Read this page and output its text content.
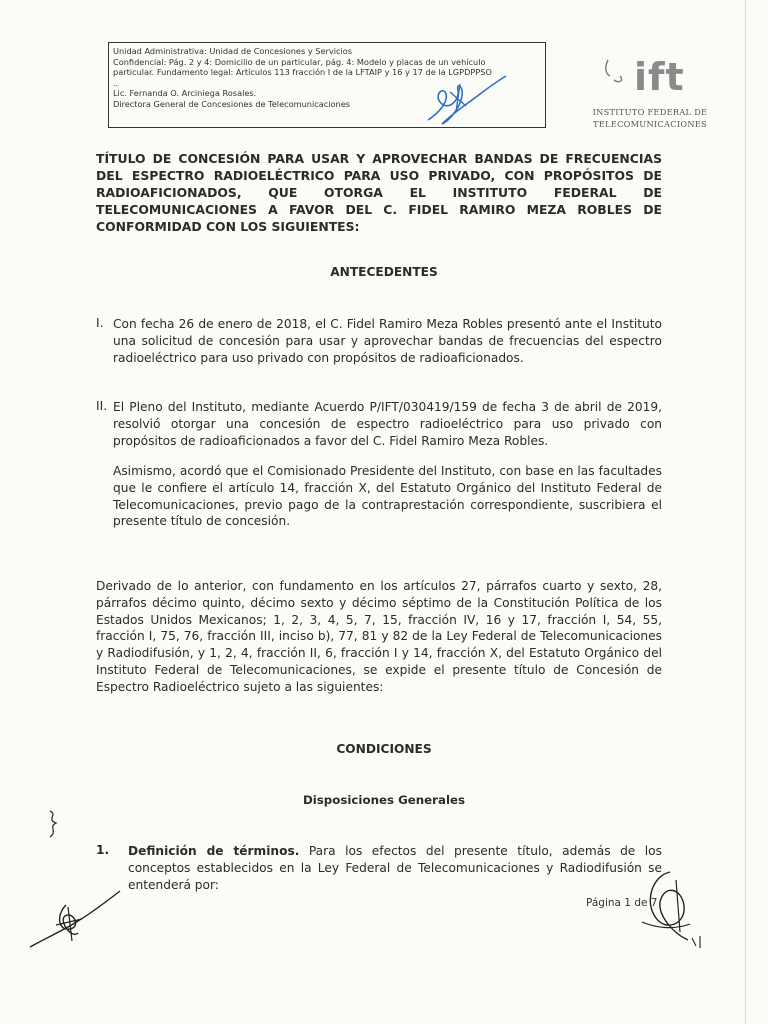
Unidad Administrativa: Unidad de Concesiones y Servicios
Confidencial: Pág. 2 y 4: Domicilio de un particular, pág. 4: Modelo y placas de un vehículo
particular. Fundamento legal: Artículos 113 fracción I de la LFTAIP y 16 y 17 de la LGPDPPSO
..
Lic. Fernanda O. Arciniega Rosales.
Directora General de Concesiones de Telecomunicaciones
ift
INSTITUTO FEDERAL DE
TELECOMUNICACIONES
TÍTULO DE CONCESIÓN PARA USAR Y APROVECHAR BANDAS DE FRECUENCIAS DEL ESPECTRO RADIOELÉCTRICO PARA USO PRIVADO, CON PROPÓSITOS DE RADIOAFICIONADOS, QUE OTORGA EL INSTITUTO FEDERAL DE TELECOMUNICACIONES A FAVOR DEL C. FIDEL RAMIRO MEZA ROBLES DE CONFORMIDAD CON LOS SIGUIENTES:
ANTECEDENTES
I. Con fecha 26 de enero de 2018, el C. Fidel Ramiro Meza Robles presentó ante el Instituto una solicitud de concesión para usar y aprovechar bandas de frecuencias del espectro radioeléctrico para uso privado con propósitos de radioaficionados.
II. El Pleno del Instituto, mediante Acuerdo P/IFT/030419/159 de fecha 3 de abril de 2019, resolvió otorgar una concesión de espectro radioeléctrico para uso privado con propósitos de radioaficionados a favor del C. Fidel Ramiro Meza Robles.
Asimismo, acordó que el Comisionado Presidente del Instituto, con base en las facultades que le confiere el artículo 14, fracción X, del Estatuto Orgánico del Instituto Federal de Telecomunicaciones, previo pago de la contraprestación correspondiente, suscribiera el presente título de concesión.
Derivado de lo anterior, con fundamento en los artículos 27, párrafos cuarto y sexto, 28, párrafos décimo quinto, décimo sexto y décimo séptimo de la Constitución Política de los Estados Unidos Mexicanos; 1, 2, 3, 4, 5, 7, 15, fracción IV, 16 y 17, fracción I, 54, 55, fracción I, 75, 76, fracción III, inciso b), 77, 81 y 82 de la Ley Federal de Telecomunicaciones y Radiodifusión, y 1, 2, 4, fracción II, 6, fracción I y 14, fracción X, del Estatuto Orgánico del Instituto Federal de Telecomunicaciones, se expide el presente título de Concesión de Espectro Radioeléctrico sujeto a las siguientes:
CONDICIONES
Disposiciones Generales
1. Definición de términos. Para los efectos del presente título, además de los conceptos establecidos en la Ley Federal de Telecomunicaciones y Radiodifusión se entenderá por:
Página 1 de 7
